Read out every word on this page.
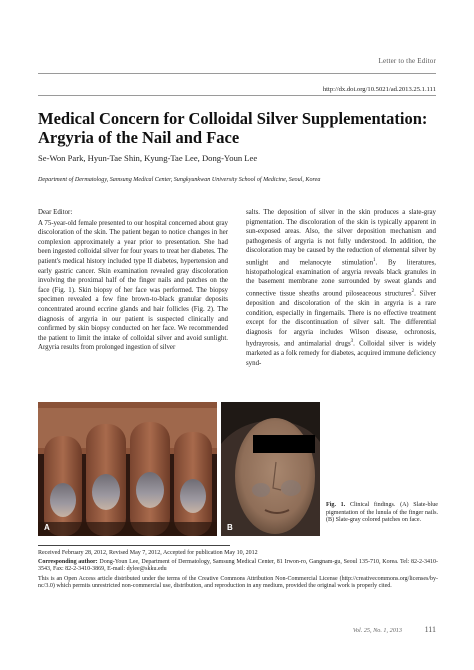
Letter to the Editor
http://dx.doi.org/10.5021/ad.2013.25.1.111
Medical Concern for Colloidal Silver Supplementation: Argyria of the Nail and Face
Se-Won Park, Hyun-Tae Shin, Kyung-Tae Lee, Dong-Youn Lee
Department of Dermatology, Samsung Medical Center, Sungkyunkwan University School of Medicine, Seoul, Korea

Dear Editor:

A 75-year-old female presented to our hospital concerned about gray discoloration of the skin. The patient began to notice changes in her complexion approximately a year prior to presentation. She had been ingested colloidal silver for four years to treat her diabetes. The patient's medical history included type II diabetes, hypertension and early gastric cancer. Skin examination revealed gray discoloration involving the proximal half of the finger nails and patches on the face (Fig. 1). Skin biopsy of her face was performed. The biopsy specimen revealed a few fine brown-to-black granular deposits concentrated around eccrine glands and hair follicles (Fig. 2). The diagnosis of argyria in our patient is suspected clinically and confirmed by skin biopsy conducted on her face. We recommended the patient to limit the intake of colloidal silver and avoid sunlight. Argyria results from prolonged ingestion of silver

salts. The deposition of silver in the skin produces a slate-gray pigmentation. The discoloration of the skin is typically apparent in sun-exposed areas. Also, the silver deposition mechanism and pathogenesis of argyria is not fully understood. In addition, the discoloration may be caused by the reduction of elemental silver by sunlight and melanocyte stimulation$^1$. By literatures, histopathological examination of argyria reveals black granules in the basement membrane zone surrounded by sweat glands and connective tissue sheaths around piloseaceous structures$^2$. Silver deposition and discoloration of the skin in argyria is a rare condition, especially in fingernails. There is no effective treatment except for the discontinuation of silver salt. The differential diagnosis for argyria includes Wilson disease, ochronosis, hydrayrosis, and antimalarial drugs$^3$. Colloidal silver is widely marketed as a folk remedy for diabetes, acquired immune deficiency synd-

A	B
Fig. 1. Clinical findings. (A) Slate-blue pigmentation of the lunula of the finger nails. (B) Slate-gray colored patches on face.
Received February 28, 2012, Revised May 7, 2012, Accepted for publication May 10, 2012
Corresponding author: Dong-Youn Lee, Department of Dermatology, Samsung Medical Center, 81 Irwon-ro, Gangnam-gu, Seoul 135-710, Korea. Tel: 82-2-3410-3543, Fax: 82-2-3410-3869, E-mail: dylee@skku.edu
This is an Open Access article distributed under the terms of the Creative Commons Attribution Non-Commercial License (http://creativecommons.org/licenses/by-nc/3.0) which permits unrestricted non-commercial use, distribution, and reproduction in any medium, provided the original work is properly cited.
Vol. 25, No. 1, 2013	111
